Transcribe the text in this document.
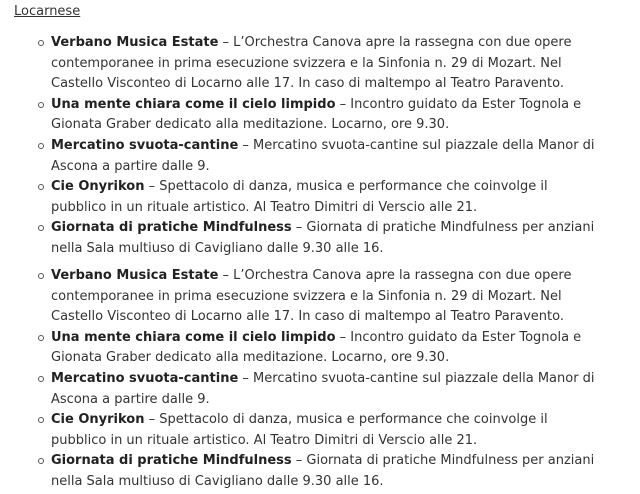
Locarnese
Verbano Musica Estate – L’Orchestra Canova apre la rassegna con due opere contemporanee in prima esecuzione svizzera e la Sinfonia n. 29 di Mozart. Nel Castello Visconteo di Locarno alle 17. In caso di maltempo al Teatro Paravento.
Una mente chiara come il cielo limpido – Incontro guidato da Ester Tognola e Gionata Graber dedicato alla meditazione. Locarno, ore 9.30.
Mercatino svuota-cantine – Mercatino svuota-cantine sul piazzale della Manor di Ascona a partire dalle 9.
Cie Onyrikon – Spettacolo di danza, musica e performance che coinvolge il pubblico in un rituale artistico. Al Teatro Dimitri di Verscio alle 21.
Giornata di pratiche Mindfulness – Giornata di pratiche Mindfulness per anziani nella Sala multiuso di Cavigliano dalle 9.30 alle 16.
Verbano Musica Estate – L’Orchestra Canova apre la rassegna con due opere contemporanee in prima esecuzione svizzera e la Sinfonia n. 29 di Mozart. Nel Castello Visconteo di Locarno alle 17. In caso di maltempo al Teatro Paravento.
Una mente chiara come il cielo limpido – Incontro guidato da Ester Tognola e Gionata Graber dedicato alla meditazione. Locarno, ore 9.30.
Mercatino svuota-cantine – Mercatino svuota-cantine sul piazzale della Manor di Ascona a partire dalle 9.
Cie Onyrikon – Spettacolo di danza, musica e performance che coinvolge il pubblico in un rituale artistico. Al Teatro Dimitri di Verscio alle 21.
Giornata di pratiche Mindfulness – Giornata di pratiche Mindfulness per anziani nella Sala multiuso di Cavigliano dalle 9.30 alle 16.
